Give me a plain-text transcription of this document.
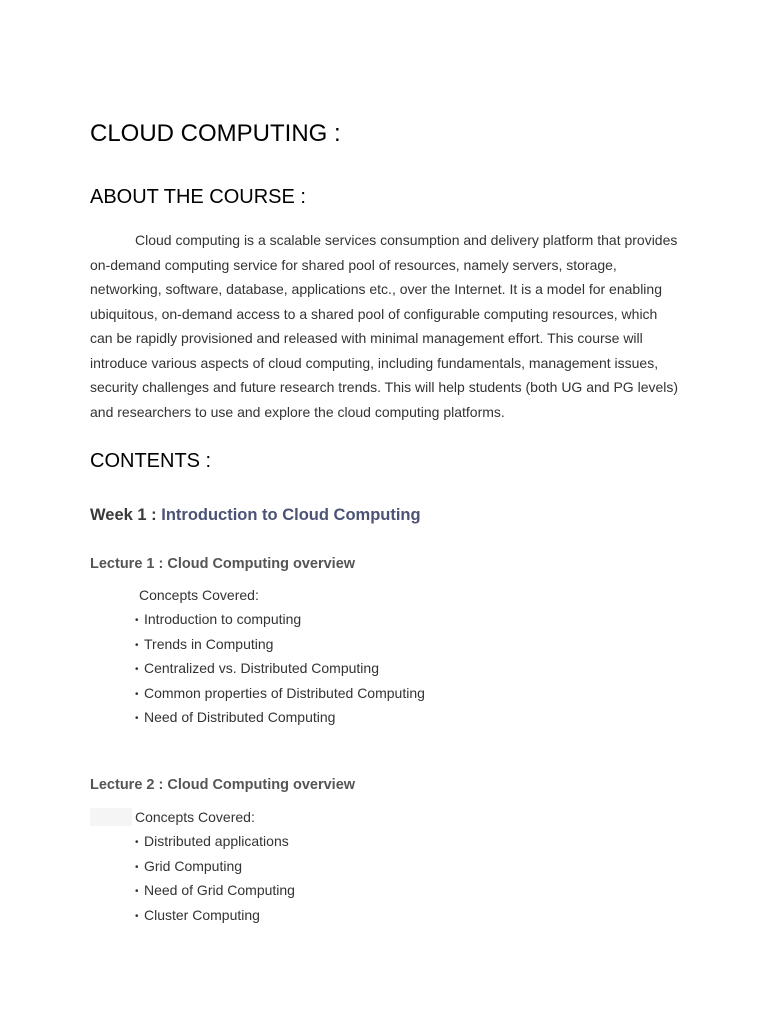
CLOUD COMPUTING :
ABOUT THE COURSE :

Cloud computing is a scalable services consumption and delivery platform that provides on-demand computing service for shared pool of resources, namely servers, storage, networking, software, database, applications etc., over the Internet. It is a model for enabling ubiquitous, on-demand access to a shared pool of configurable computing resources, which can be rapidly provisioned and released with minimal management effort. This course will introduce various aspects of cloud computing, including fundamentals, management issues, security challenges and future research trends. This will help students (both UG and PG levels) and researchers to use and explore the cloud computing platforms.

CONTENTS :
Week 1 : Introduction to Cloud Computing
Lecture 1 : Cloud Computing overview
Concepts Covered:
• Introduction to computing
• Trends in Computing
• Centralized vs. Distributed Computing
• Common properties of Distributed Computing
• Need of Distributed Computing
Lecture 2 : Cloud Computing overview
Concepts Covered:
• Distributed applications
• Grid Computing
• Need of Grid Computing
• Cluster Computing
